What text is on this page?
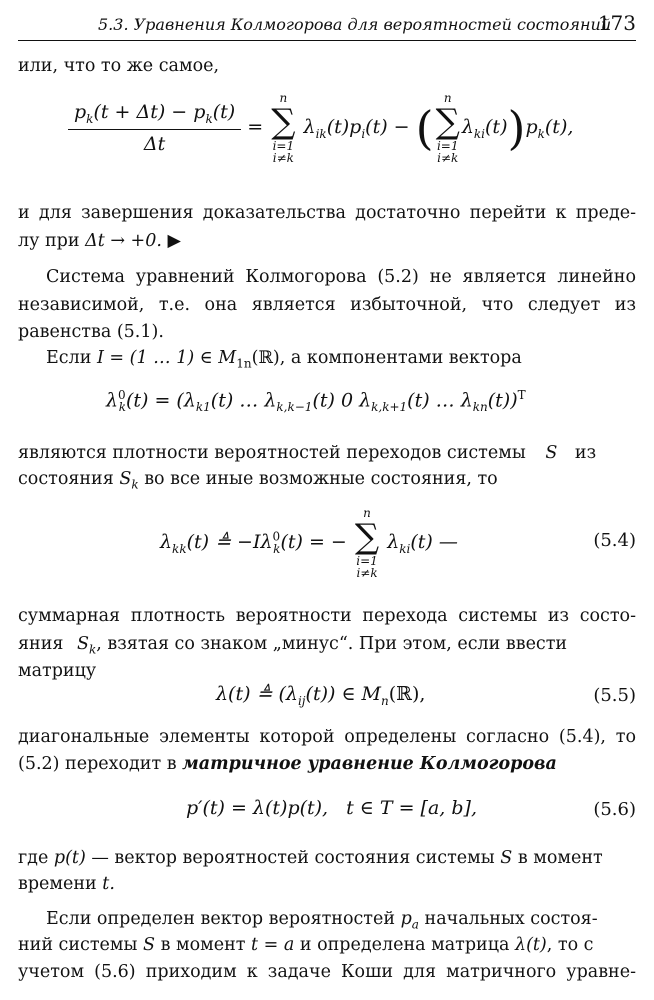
5.3. Уравнения Колмогорова для вероятностей состояний
173
или, что то же самое,
$\frac{p_k(t + \Delta t) - p_k(t)}{\Delta t}$ =
n
∑
i=1
i≠k
$\lambda_{ik}(t)p_i(t)$ − (
n
∑
i=1
i≠k
$\lambda_{ki}(t))p_k(t)$,
и для завершения доказательства достаточно перейти к преде-
лу при Δt → +0. ▶
Система уравнений Колмогорова (5.2) не является линейно
независимой, т.е. она является избыточной, что следует из
равенства (5.1).
Если I = (1 … 1) ∈ $M_{1n}(ℝ)$, а компонентами вектора
$\lambda^0_k(t) = (\lambda_{k1}(t)$ … $\lambda_{k,k-1}(t)$ 0 $\lambda_{k,k+1}(t)$ … $\lambda_{kn}(t))^T$
являются плотности вероятностей переходов системы S из
состояния $S_k$ во все иные возможные состояния, то
$\lambda_{kk}(t)$ ≜ $-I\lambda^0_k(t)$ = −
n
∑
i=1
i≠k
$\lambda_{ki}(t)$ —	(5.4)
суммарная плотность вероятности перехода системы из состо-
яния $S_k$, взятая со знаком „минус“. При этом, если ввести
матрицу
λ(t) ≜ $(\lambda_{ij}(t))$ ∈ $M_n(ℝ)$,	(5.5)
диагональные элементы которой определены согласно (5.4), то
(5.2) переходит в матричное уравнение Колмогорова
p′(t) = λ(t)p(t), t ∈ T = [a, b],	(5.6)
где p(t) — вектор вероятностей состояния системы S в момент
времени t.
Если определен вектор вероятностей $p_a$ начальных состоя-
ний системы S в момент t = a и определена матрица λ(t), то с
учетом (5.6) приходим к задаче Коши для матричного уравне-
